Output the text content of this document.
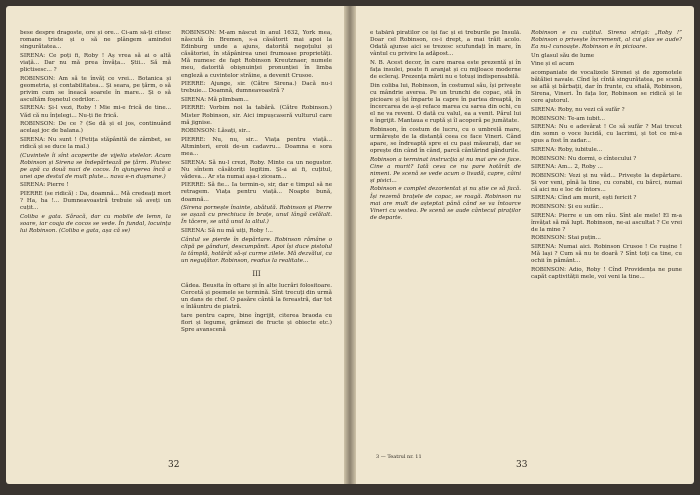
bese despre dragoste, ore și ore... Ci-am să-ți citesc romane triste și o să ne plângem amindoi singurătatea...

SIRENA: Ce poți fi, Roby ! Aș vrea să ai o altă viață... Dar nu mă prea învăța... Știi... Să mă plictisesc... ?

ROBINSON: Am să te învăț ce vrei... Botanica și geometria, și contabilitatea... Și seara, pe țărm, o să privim cum se îneacă soarele în mare... Și o să ascultăm foșnetul cedrilor...

SIRENA: Și-l vezi, Roby ! Mie mi-e frică de tine... Văd că nu înțelegi... Nu-ți fie frică.

ROBINSON: De ce ? (Se dă și el jos, continuând același joc de balana.)

SIRENA: Nu sunt ! (Fetița stăpânită de zâmbet, se ridică și se duce la mal.)

(Cuvintele îi sînt acoperite de vijelia stelelor. Acum Robinson și Sirena se îndepărtează pe țărm. Plutesc pe apă ca două nuci de cocos. În ajungerea încă a unei ape destul de mult plute... nava e-n dușmane.)

SIRENA: Pierre !

PIERRE (se ridică) : Da, doamnă... Mă credeați mort ? Ha, ha !... Dumneavoastră trebuie să aveți un cuțit...

Coliba e gata. Săracă, dar cu mobile de lemn, la soare, iar coaja de cocos se vede. În fundal, locuința lui Robinson. (Coliba e gata, așa că se)

ROBINSON: M-am născut în anul 1632, York mea, născută în Bremen, s-a căsătorit mai apoi la Edinburg unde a ajuns, datorită negoțului și căsătoriei, în stăpânirea unei frumoase proprietăți. Mă numesc de fapt Robinson Kreutznaer, numele meu, datorită obișnuinței pronunției în limba engleză a cuvintelor străine, a devenit Crusoe.

PIERRE: Ajunge, sir. (Către Sirena.) Dacă nu-i trebuie... Doamnă, dumneavoastră ?

SIRENA: Mă plimbam...

PIERRE: Vorbim noi la tabără. (Către Robinson.) Mister Robinson, sir. Aici impușcaseră vulturul care mă jignise.

ROBINSON: Lăsați, sir...

PIERRE: Nu, nu, sir... Viața pentru viață... Altminteri, eroii de-un cadavru... Doamna e sora mea...

SIRENA: Să nu-l crezi, Roby. Minte ca un negustor. Nu sîntem căsătoriți legitim. Și-a ai fi, cuțitul, vădeva... Ar sta numai așa-i ziceam...

PIERRE: Să fie... Ia termin-o, sir, dar e timpul să ne retragem. Viața pentru viață... Noapte bună, doamnă...

(Sirena pornește înainte, abătută. Robinson și Pierre se așază cu prechiuca în brațe, unul lângă celălalt. În tăcere, se uită unul la altul.)

SIRENA: Să nu mă uiți, Roby !...

Cântul se pierde în depărtare. Robinson rămâne o clipă pe gânduri, descumpănit. Apoi își duce pistolul la tâmplă, hotărât să-și curme zilele. Mă dezvălui, ca un neguțător. Robinson, readus la realitate...

III

Cădea. Beusita în oftare și în alte lucrări folositoare. Cercetă și poemele se termină. Sînt trecuți din urmă un dans de chef. O pasăre cântă la fereastră, dar tot e înlăuntru de piatră.

tare pentru capre, bine îngrijit, citerea braoda cu flori și legume, grămezi de fructe și obiecte etc.) Spre avanscenă

32

e tabără piratilor ce își fac și ei treburile pe Insulă. Doar cel Robinson, ce-i drept, a mai trăit acolo. Odată ajunse aici se trezesc scufundați în mare, în vântul cu privire la adăpost...

N. B. Acest decor, în care marea este prezentă și în fața insulei, poate fi aranjat și cu mijloace moderne de ecleraj. Prezența mării nu e totuși indispensabilă.

Din coliba lui, Robinson, în costumul său, își privește cu mândrie averea. Pe un trunchi de copac, stă în picioare și își împarte la capre în partea dreaptă, în încercarea de a-și reface marea cu sarea din ochi, cu el ne va reveni. O dată cu valul, ea a venit. Părul lui e îngrijit. Mantaua e ruptă și îl acoperă pe jumătate.

Robinson, în costum de lucru, cu o umbrelă mare, urmărește de la distanță ceea ce face Vineri. Când apare, se îndreaptă spre ei cu pași măsurați, dar se oprește din când în când, parcă cântărind gândurile.

Robinson a terminat instrucția și nu mai are ce face. Cine a murit? Iată ceva ce nu pare hotărât de nimeni. Pe scenă se vede acum o livadă, capre, câini și pisici...

Robinson e complet dezorientat și nu știe ce să facă. Își rezemă brațele de copac, se roagă. Robinson nu mai are mult de așteptat până când se va întoarce Vineri cu vestea. Pe scenă se aude cântecul piraților de departe.

Robinson e cu cuțitul. Sirena strigă: „Roby !” Robinson o privește încremenit, al cui glas se aude? Ea nu-l cunoaște. Robinson e în picioare.

Un glasul său de lume

Vine și el acum

acompaniate de vocalizele Sirenei și de zgomotele bătăliei navale. Cînd își cîntă singurătatea, pe scenă se află și bărbații, dar în frunte, cu sfială, Robinson, Sirena, Vineri. În fața lor, Robinson se ridică și le cere ajutorul.

SIRENA: Roby, nu vezi că sufăr ?

ROBINSON: Te-am iubit...

SIRENA: Nu e adevărat ! Ce să sufăr ? Mai trecut din somn o voce lucidă, cu lacrimi, și tot ce mi-a spus a fost în zadar...

SIRENA: Roby, iubitule...

ROBINSON: Nu dormi, o cîntecului ?

SIRENA: Am... 2, Roby ...

ROBINSON: Vezi și nu văd... Privește la depărtare. Și vor veni, pînă la tine, cu corabii, cu bărci, numai că aici nu e loc de întors...

SIRENA: Cînd am murit, ești fericit ?

ROBINSON: Și eu sufăr...

SIRENA: Pierre e un om rău. Sînt ale mele! El m-a învățat să mă lupt. Robinson, ne-ai ascultat ? Ce vrei de la mine ?

ROBINSON: Stai puțin...

SIRENA: Numai aici. Robinson Crusoe ! Ce rușine ! Mă lași ? Cum să nu te doară ? Sînt toți ca tine, cu ochii în pământ...

ROBINSON: Adio, Roby ! Cînd Providența ne pune capăt captivității mele, voi veni la tine...

3 — Teatrul nr. 11
33
